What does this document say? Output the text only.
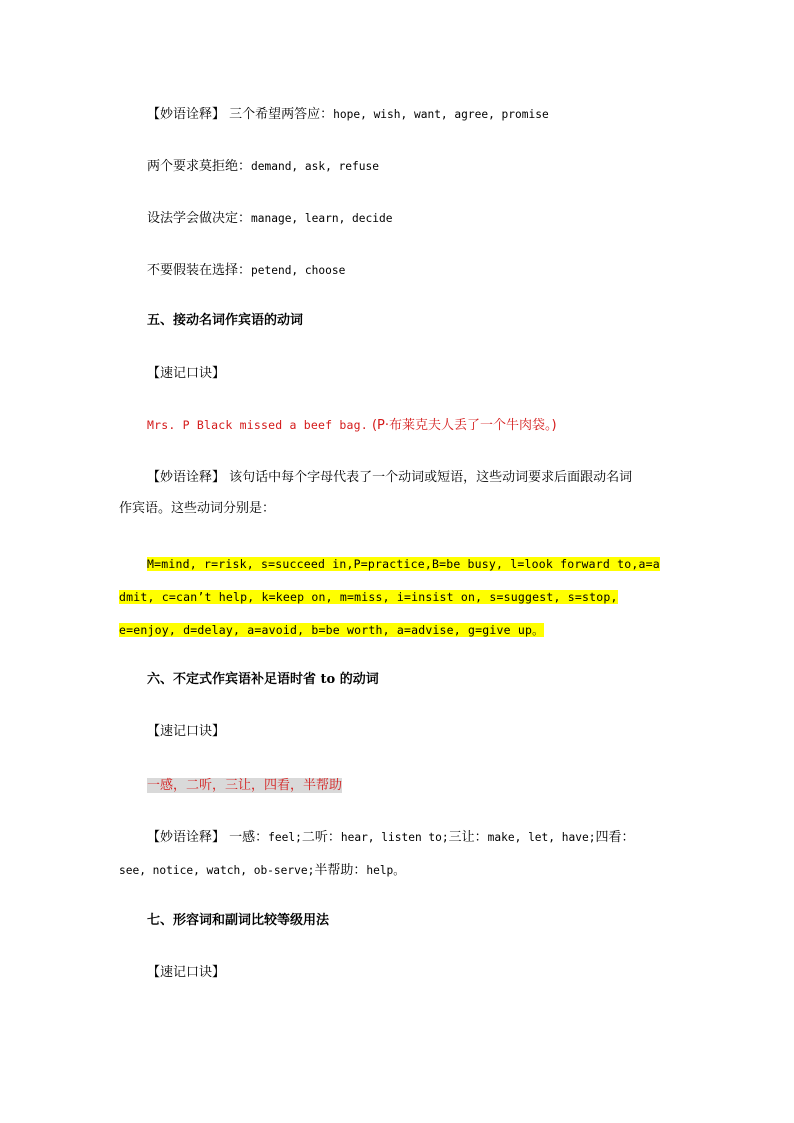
【妙语诠释】 三个希望两答应：hope, wish, want, agree, promise
两个要求莫拒绝：demand, ask, refuse
设法学会做决定：manage, learn, decide
不要假装在选择：petend, choose
五、接动名词作宾语的动词
【速记口诀】
Mrs. P Black missed a beef bag. (P·布莱克夫人丢了一个牛肉袋。)
【妙语诠释】 该句话中每个字母代表了一个动词或短语，这些动词要求后面跟动名词
作宾语。这些动词分别是：
M=mind, r=risk, s=succeed in,P=practice,B=be busy, l=look forward to,a=a
dmit, c=can’t help, k=keep on, m=miss, i=insist on, s=suggest, s=stop,
e=enjoy, d=delay, a=avoid, b=be worth, a=advise, g=give up。
六、不定式作宾语补足语时省 to 的动词
【速记口诀】
一感，二听，三让，四看，半帮助
【妙语诠释】 一感：feel;二听：hear, listen to;三让：make, let, have;四看：
see, notice, watch, ob-serve;半帮助：help。
七、形容词和副词比较等级用法
【速记口诀】
